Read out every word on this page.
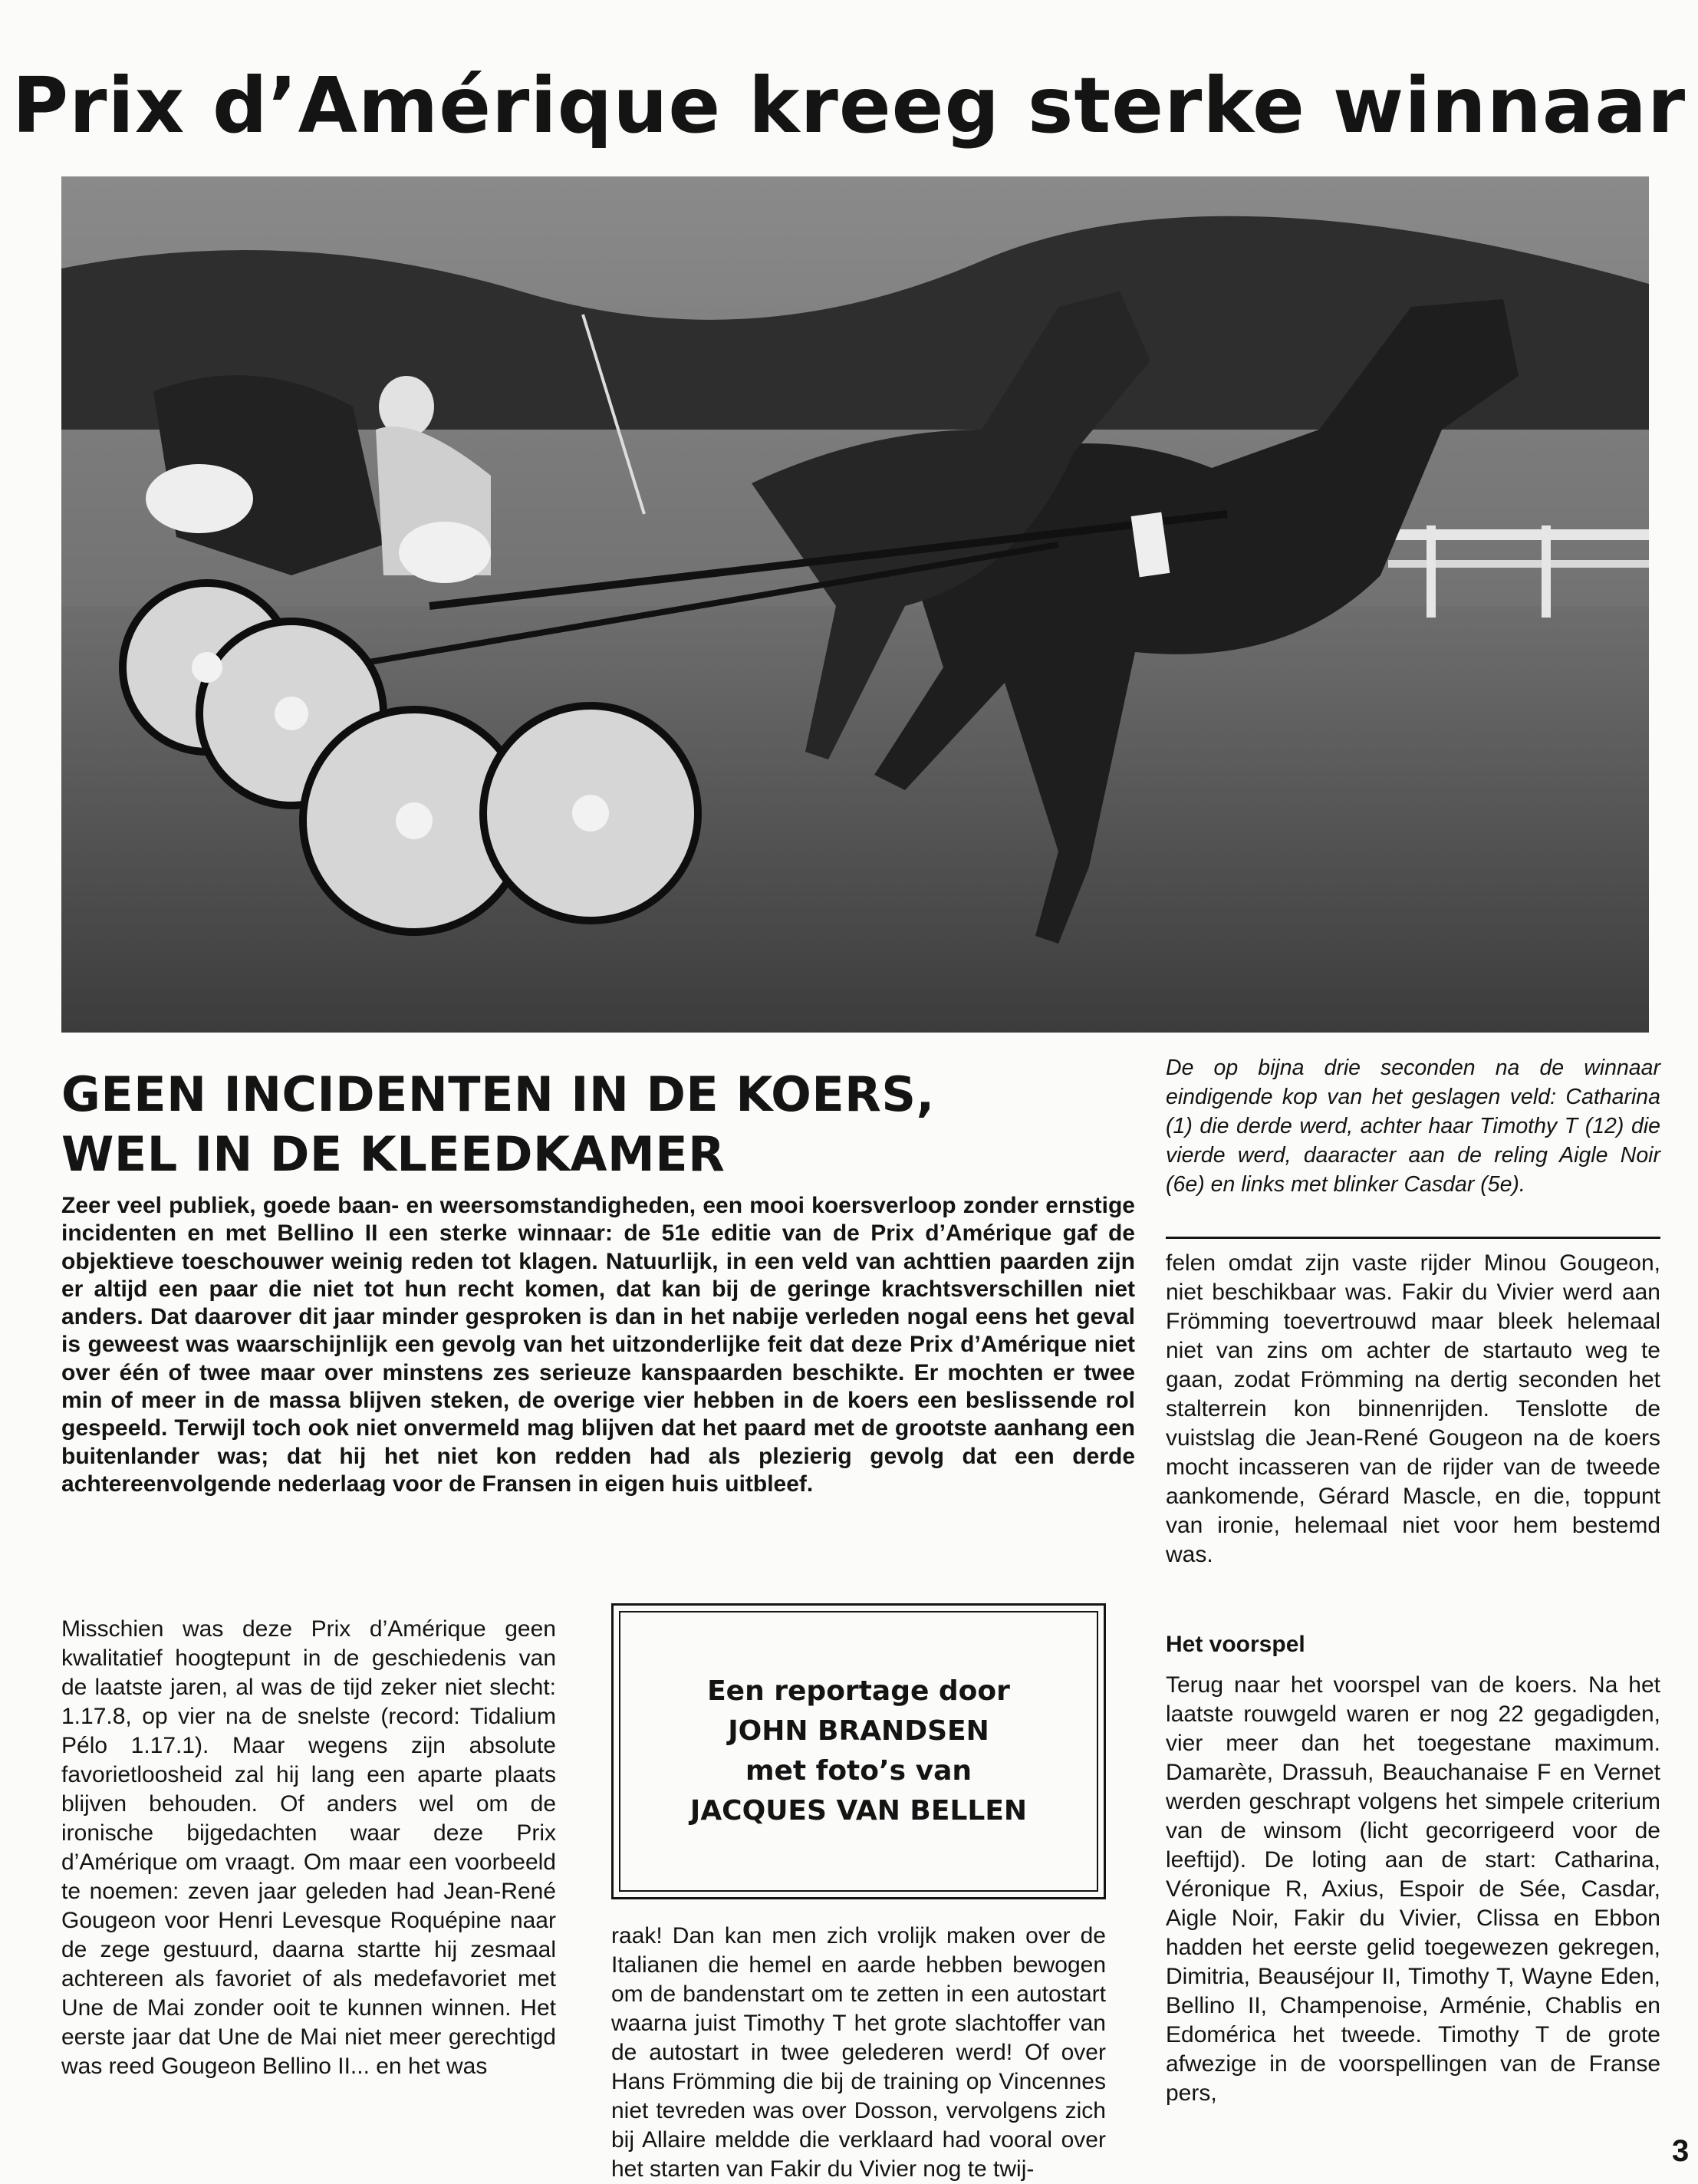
Prix d’Amérique kreeg sterke winnaar
GEEN INCIDENTEN IN DE KOERS,
WEL IN DE KLEEDKAMER
De op bijna drie seconden na de winnaar eindigende kop van het geslagen veld: Catharina (1) die derde werd, achter haar Timothy T (12) die vierde werd, daaracter aan de reling Aigle Noir (6e) en links met blinker Casdar (5e).
Zeer veel publiek, goede baan- en weersomstandigheden, een mooi koersverloop zonder ernstige incidenten en met Bellino II een sterke winnaar: de 51e editie van de Prix d’Amérique gaf de objektieve toeschouwer weinig reden tot klagen. Natuurlijk, in een veld van achttien paarden zijn er altijd een paar die niet tot hun recht komen, dat kan bij de geringe krachtsverschillen niet anders. Dat daarover dit jaar minder gesproken is dan in het nabije verleden nogal eens het geval is geweest was waarschijnlijk een gevolg van het uitzonderlijke feit dat deze Prix d’Amérique niet over één of twee maar over minstens zes serieuze kanspaarden beschikte. Er mochten er twee min of meer in de massa blijven steken, de overige vier hebben in de koers een beslissende rol gespeeld. Terwijl toch ook niet onvermeld mag blijven dat het paard met de grootste aanhang een buitenlander was; dat hij het niet kon redden had als plezierig gevolg dat een derde achtereenvolgende nederlaag voor de Fransen in eigen huis uitbleef.
Misschien was deze Prix d’Amérique geen kwalitatief hoogtepunt in de geschiedenis van de laatste jaren, al was de tijd zeker niet slecht: 1.17.8, op vier na de snelste (record: Tidalium Pélo 1.17.1). Maar wegens zijn absolute favorietloosheid zal hij lang een aparte plaats blijven behouden. Of anders wel om de ironische bijgedachten waar deze Prix d’Amérique om vraagt. Om maar een voorbeeld te noemen: zeven jaar geleden had Jean-René Gougeon voor Henri Levesque Roquépine naar de zege gestuurd, daarna startte hij zesmaal achtereen als favoriet of als medefavoriet met Une de Mai zonder ooit te kunnen winnen. Het eerste jaar dat Une de Mai niet meer gerechtigd was reed Gougeon Bellino II... en het was
Een reportage door
JOHN BRANDSEN
met foto’s van
JACQUES VAN BELLEN
raak! Dan kan men zich vrolijk maken over de Italianen die hemel en aarde hebben bewogen om de bandenstart om te zetten in een autostart waarna juist Timothy T het grote slachtoffer van de autostart in twee gelederen werd! Of over Hans Frömming die bij de training op Vincennes niet tevreden was over Dosson, vervolgens zich bij Allaire meldde die verklaard had vooral over het starten van Fakir du Vivier nog te twij-
felen omdat zijn vaste rijder Minou Gougeon, niet beschikbaar was. Fakir du Vivier werd aan Frömming toevertrouwd maar bleek helemaal niet van zins om achter de startauto weg te gaan, zodat Frömming na dertig seconden het stalterrein kon binnenrijden. Tenslotte de vuistslag die Jean-René Gougeon na de koers mocht incasseren van de rijder van de tweede aankomende, Gérard Mascle, en die, toppunt van ironie, helemaal niet voor hem bestemd was.
Het voorspel
Terug naar het voorspel van de koers. Na het laatste rouwgeld waren er nog 22 gegadigden, vier meer dan het toegestane maximum. Damarète, Drassuh, Beauchanaise F en Vernet werden geschrapt volgens het simpele criterium van de winsom (licht gecorrigeerd voor de leeftijd). De loting aan de start: Catharina, Véronique R, Axius, Espoir de Sée, Casdar, Aigle Noir, Fakir du Vivier, Clissa en Ebbon hadden het eerste gelid toegewezen gekregen, Dimitria, Beauséjour II, Timothy T, Wayne Eden, Bellino II, Champenoise, Arménie, Chablis en Edomérica het tweede. Timothy T de grote afwezige in de voorspellingen van de Franse pers,
3
